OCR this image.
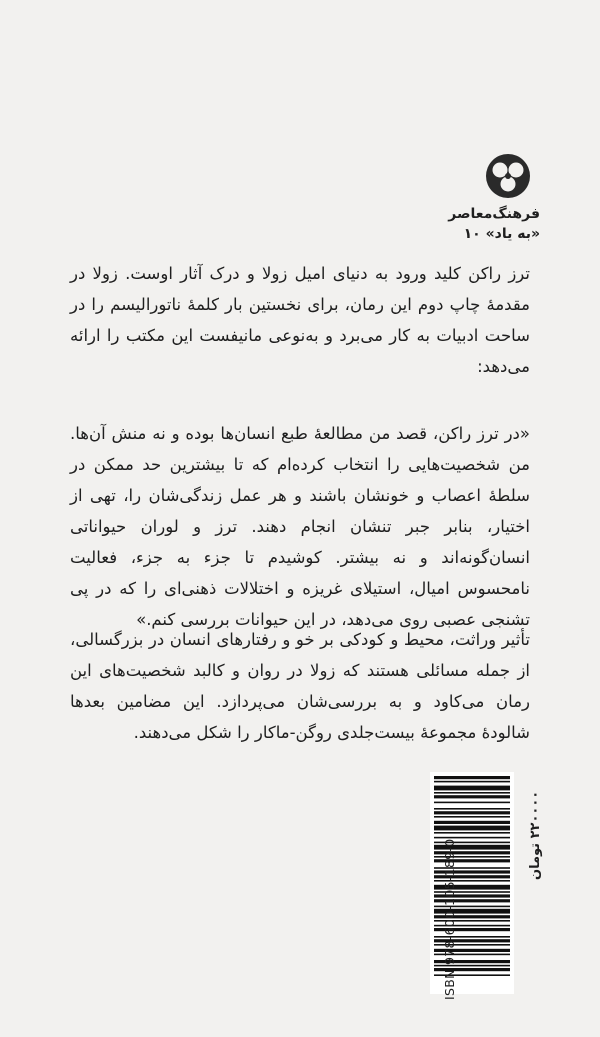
فرهنگ‌معاصر
«به یاد» ۱۰

ترز راکن کلید ورود به دنیای امیل زولا و درک آثار اوست. زولا در مقدمهٔ چاپ دوم این رمان، برای نخستین بار کلمهٔ ناتورالیسم را در ساحت ادبیات به کار می‌برد و به‌نوعی مانیفست این مکتب را ارائه می‌دهد:

«در ترز راکن، قصد من مطالعهٔ طبع انسان‌ها بوده و نه منش آن‌ها. من شخصیت‌هایی را انتخاب کرده‌ام که تا بیشترین حد ممکن در سلطهٔ اعصاب و خونشان باشند و هر عمل زندگی‌شان را، تهی از اختیار، بنابر جبر تنشان انجام دهند. ترز و لوران حیواناتی انسان‌گونه‌اند و نه بیشتر. کوشیدم تا جزء به جزء، فعالیت نامحسوس امیال، استیلای غریزه و اختلالات ذهنی‌ای را که در پی تشنجی عصبی روی می‌دهد، در این حیوانات بررسی کنم.»

تأثیر وراثت، محیط و کودکی بر خو و رفتارهای انسان در بزرگسالی، از جمله مسائلی هستند که زولا در روان و کالبد شخصیت‌های این رمان می‌کاود و به بررسی‌شان می‌پردازد. این مضامین بعدها شالودهٔ مجموعهٔ بیست‌جلدی روگن-ماکار را شکل می‌دهند.

ISBN 978-600-105-189-0	۲۲۰۰۰۰ تومان
